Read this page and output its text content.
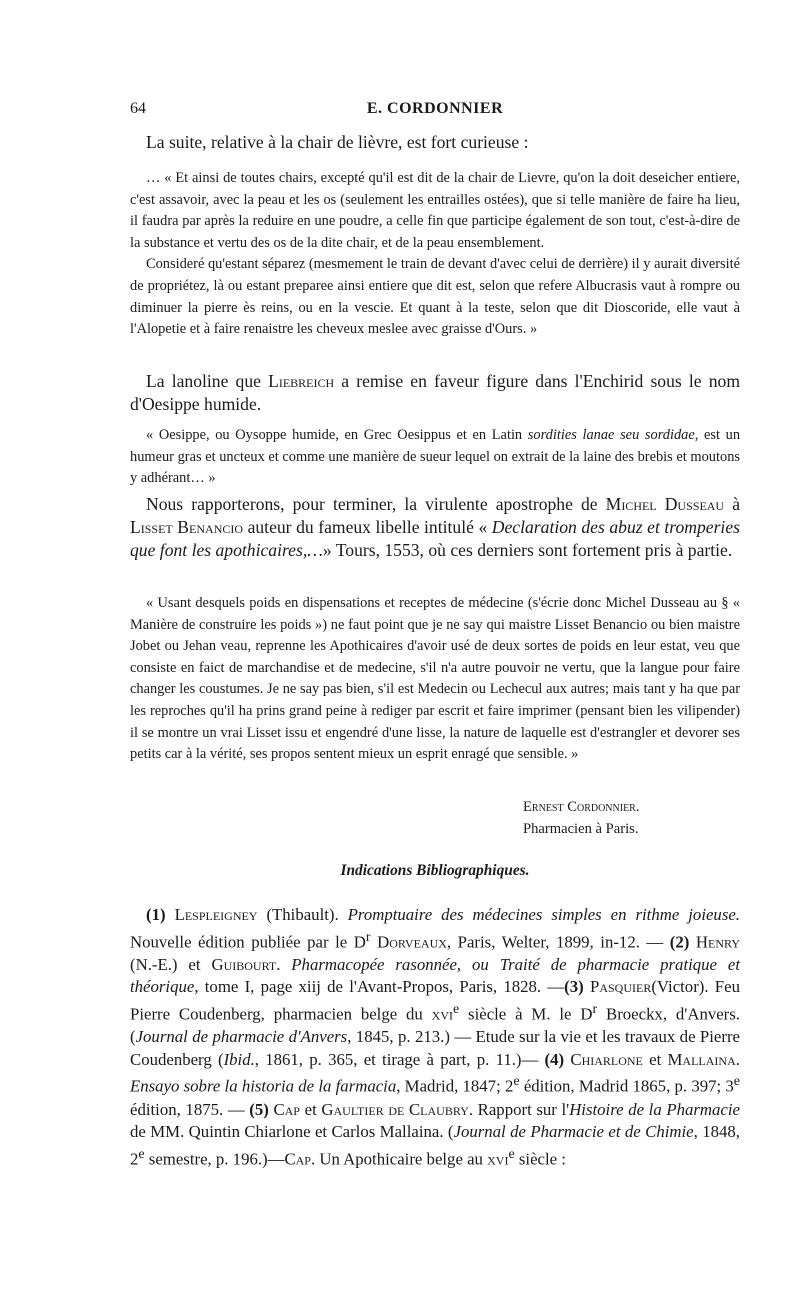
64	E. CORDONNIER

La suite, relative à la chair de lièvre, est fort curieuse :

… « Et ainsi de toutes chairs, excepté qu'il est dit de la chair de Lievre, qu'on la doit deseicher entiere, c'est assavoir, avec la peau et les os (seulement les entrailles ostées), que si telle manière de faire ha lieu, il faudra par après la reduire en une poudre, a celle fin que participe également de son tout, c'est-à-dire de la substance et vertu des os de la dite chair, et de la peau ensemblement.

Consideré qu'estant séparez (mesmement le train de devant d'avec celui de derrière) il y aurait diversité de propriétez, là ou estant preparee ainsi entiere que dit est, selon que refere Albucrasis vaut à rompre ou diminuer la pierre ès reins, ou en la vescie. Et quant à la teste, selon que dit Dioscoride, elle vaut à l'Alopetie et à faire renaistre les cheveux meslee avec graisse d'Ours. »

La lanoline que Liebreich a remise en faveur figure dans l'Enchirid sous le nom d'Oesippe humide.

« Oesippe, ou Oysoppe humide, en Grec Oesippus et en Latin sordities lanae seu sordidae, est un humeur gras et uncteux et comme une manière de sueur lequel on extrait de la laine des brebis et moutons y adhérant… »

Nous rapporterons, pour terminer, la virulente apostrophe de Michel Dusseau à Lisset Benancio auteur du fameux libelle intitulé « Declaration des abuz et tromperies que font les apothicaires,…» Tours, 1553, où ces derniers sont fortement pris à partie.

« Usant desquels poids en dispensations et receptes de médecine (s'écrie donc Michel Dusseau au § « Manière de construire les poids ») ne faut point que je ne say qui maistre Lisset Benancio ou bien maistre Jobet ou Jehan veau, reprenne les Apothicaires d'avoir usé de deux sortes de poids en leur estat, veu que consiste en faict de marchandise et de medecine, s'il n'a autre pouvoir ne vertu, que la langue pour faire changer les coustumes. Je ne say pas bien, s'il est Medecin ou Lechecul aux autres; mais tant y ha que par les reproches qu'il ha prins grand peine à rediger par escrit et faire imprimer (pensant bien les vilipender) il se montre un vrai Lisset issu et engendré d'une lisse, la nature de laquelle est d'estrangler et devorer ses petits car à la vérité, ses propos sentent mieux un esprit enragé que sensible. »

Ernest Cordonnier.
Pharmacien à Paris.
Indications Bibliographiques.

(1) Lespleigney (Thibault). Promptuaire des médecines simples en rithme joieuse. Nouvelle édition publiée par le $D^r$ Dorveaux, Paris, Welter, 1899, in-12. — (2) Henry (N.-E.) et Guibourt. Pharmacopée rasonnée, ou Traité de pharmacie pratique et théorique, tome I, page xiij de l'Avant-Propos, Paris, 1828. —(3) Pasquier(Victor). Feu Pierre Coudenberg, pharmacien belge du xvi$^e$ siècle à M. le $D^r$ Broeckx, d'Anvers. (Journal de pharmacie d'Anvers, 1845, p. 213.) — Etude sur la vie et les travaux de Pierre Coudenberg (Ibid., 1861, p. 365, et tirage à part, p. 11.)— (4) Chiarlone et Mallaina. Ensayo sobre la historia de la farmacia, Madrid, 1847; 2e édition, Madrid 1865, p. 397; 3e édition, 1875. — (5) Cap et Gaultier de Claubry. Rapport sur l'Histoire de la Pharmacie de MM. Quintin Chiarlone et Carlos Mallaina. (Journal de Pharmacie et de Chimie, 1848, 2e semestre, p. 196.)—Cap. Un Apothicaire belge au xvi$^e$ siècle :
